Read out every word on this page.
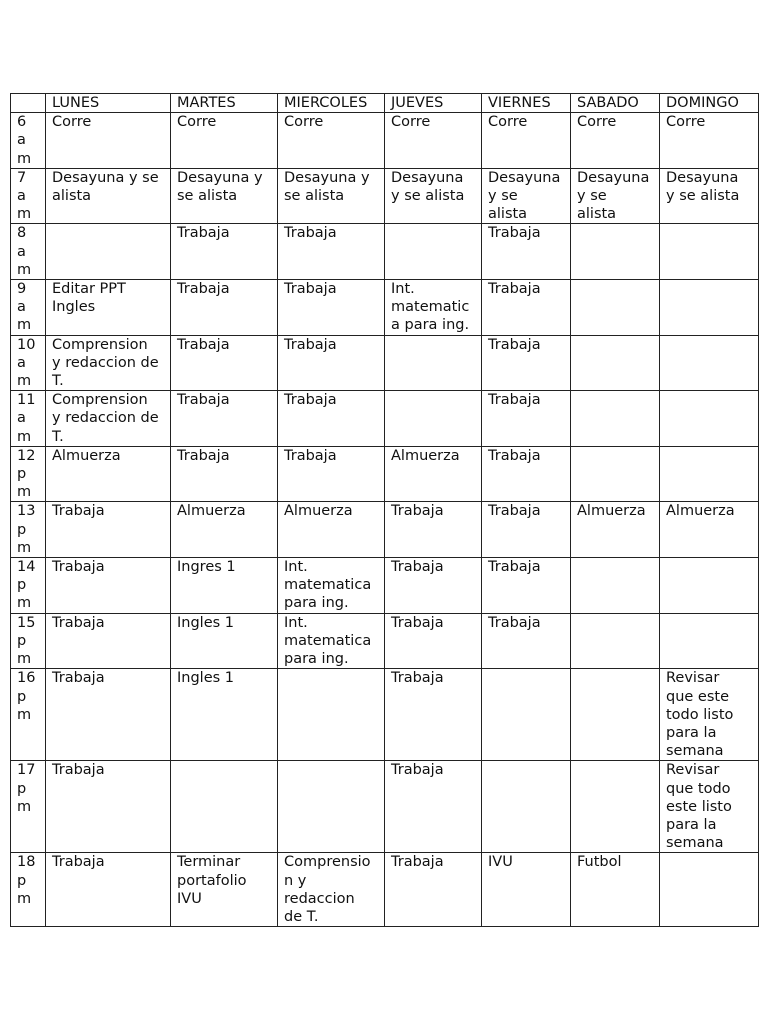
	LUNES	MARTES	MIERCOLES	JUEVES	VIERNES	SABADO	DOMINGO

6
a
m	Corre	Corre	Corre	Corre	Corre	Corre	Corre

7
a
m	Desayuna y se
alista	Desayuna y
se alista	Desayuna y
se alista	Desayuna
y se alista	Desayuna
y se
alista	Desayuna
y se
alista	Desayuna
y se alista

8
a
m		Trabaja	Trabaja		Trabaja		

9
a
m	Editar PPT
Ingles	Trabaja	Trabaja	Int.
matematic
a para ing.	Trabaja		

10
a
m	Comprension
y redaccion de
T.	Trabaja	Trabaja		Trabaja		

11
a
m	Comprension
y redaccion de
T.	Trabaja	Trabaja		Trabaja		

12
p
m	Almuerza	Trabaja	Trabaja	Almuerza	Trabaja		

13
p
m	Trabaja	Almuerza	Almuerza	Trabaja	Trabaja	Almuerza	Almuerza

14
p
m	Trabaja	Ingres 1	Int.
matematica
para ing.	Trabaja	Trabaja		

15
p
m	Trabaja	Ingles 1	Int.
matematica
para ing.	Trabaja	Trabaja		

16
p
m	Trabaja	Ingles 1		Trabaja			Revisar
que este
todo listo
para la
semana

17
p
m	Trabaja			Trabaja			Revisar
que todo
este listo
para la
semana

18
p
m	Trabaja	Terminar
portafolio
IVU	Comprensio
n y
redaccion
de T.	Trabaja	IVU	Futbol	
